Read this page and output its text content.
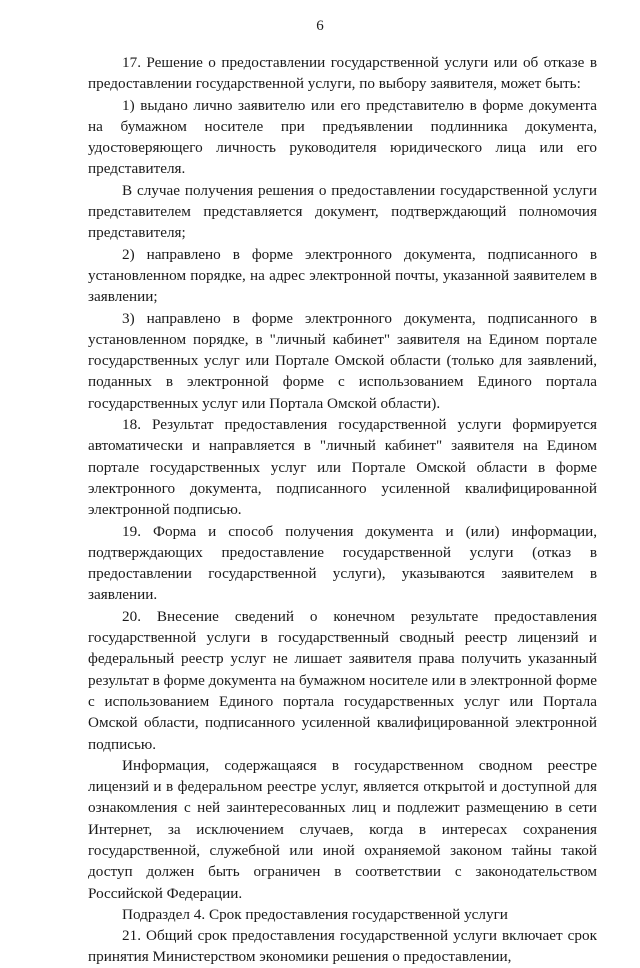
6

17. Решение о предоставлении государственной услуги или об отказе в предоставлении государственной услуги, по выбору заявителя, может быть:

1) выдано лично заявителю или его представителю в форме документа на бумажном носителе при предъявлении подлинника документа, удостоверяющего личность руководителя юридического лица или его представителя.

В случае получения решения о предоставлении государственной услуги представителем представляется документ, подтверждающий полномочия представителя;

2) направлено в форме электронного документа, подписанного в установленном порядке, на адрес электронной почты, указанной заявителем в заявлении;

3) направлено в форме электронного документа, подписанного в установленном порядке, в "личный кабинет" заявителя на Едином портале государственных услуг или Портале Омской области (только для заявлений, поданных в электронной форме с использованием Единого портала государственных услуг или Портала Омской области).

18. Результат предоставления государственной услуги формируется автоматически и направляется в "личный кабинет" заявителя на Едином портале государственных услуг или Портале Омской области в форме электронного документа, подписанного усиленной квалифицированной электронной подписью.

19. Форма и способ получения документа и (или) информации, подтверждающих предоставление государственной услуги (отказ в предоставлении государственной услуги), указываются заявителем в заявлении.

20. Внесение сведений о конечном результате предоставления государственной услуги в государственный сводный реестр лицензий и федеральный реестр услуг не лишает заявителя права получить указанный результат в форме документа на бумажном носителе или в электронной форме с использованием Единого портала государственных услуг или Портала Омской области, подписанного усиленной квалифицированной электронной подписью.

Информация, содержащаяся в государственном сводном реестре лицензий и в федеральном реестре услуг, является открытой и доступной для ознакомления с ней заинтересованных лиц и подлежит размещению в сети Интернет, за исключением случаев, когда в интересах сохранения государственной, служебной или иной охраняемой законом тайны такой доступ должен быть ограничен в соответствии с законодательством Российской Федерации.

Подраздел 4. Срок предоставления государственной услуги

21. Общий срок предоставления государственной услуги включает срок принятия Министерством экономики решения о предоставлении,
